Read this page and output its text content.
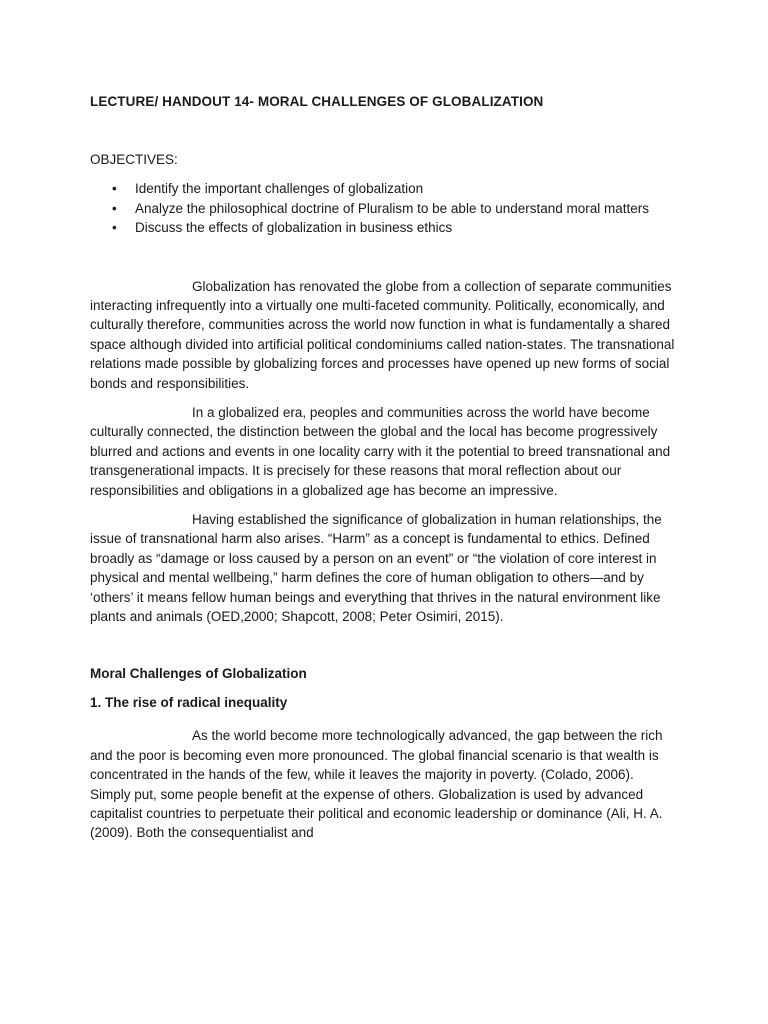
LECTURE/ HANDOUT 14- MORAL CHALLENGES OF GLOBALIZATION

OBJECTIVES:

• Identify the important challenges of globalization
• Analyze the philosophical doctrine of Pluralism to be able to understand moral matters
• Discuss the effects of globalization in business ethics

Globalization has renovated the globe from a collection of separate communities interacting infrequently into a virtually one multi-faceted community. Politically, economically, and culturally therefore, communities across the world now function in what is fundamentally a shared space although divided into artificial political condominiums called nation-states. The transnational relations made possible by globalizing forces and processes have opened up new forms of social bonds and responsibilities.

In a globalized era, peoples and communities across the world have become culturally connected, the distinction between the global and the local has become progressively blurred and actions and events in one locality carry with it the potential to breed transnational and transgenerational impacts. It is precisely for these reasons that moral reflection about our responsibilities and obligations in a globalized age has become an impressive.

Having established the significance of globalization in human relationships, the issue of transnational harm also arises. “Harm” as a concept is fundamental to ethics. Defined broadly as “damage or loss caused by a person on an event” or “the violation of core interest in physical and mental wellbeing,” harm defines the core of human obligation to others—and by ‘others’ it means fellow human beings and everything that thrives in the natural environment like plants and animals (OED,2000; Shapcott, 2008; Peter Osimiri, 2015).

Moral Challenges of Globalization

1. The rise of radical inequality

As the world become more technologically advanced, the gap between the rich and the poor is becoming even more pronounced. The global financial scenario is that wealth is concentrated in the hands of the few, while it leaves the majority in poverty. (Colado, 2006). Simply put, some people benefit at the expense of others. Globalization is used by advanced capitalist countries to perpetuate their political and economic leadership or dominance (Ali, H. A. (2009). Both the consequentialist and
